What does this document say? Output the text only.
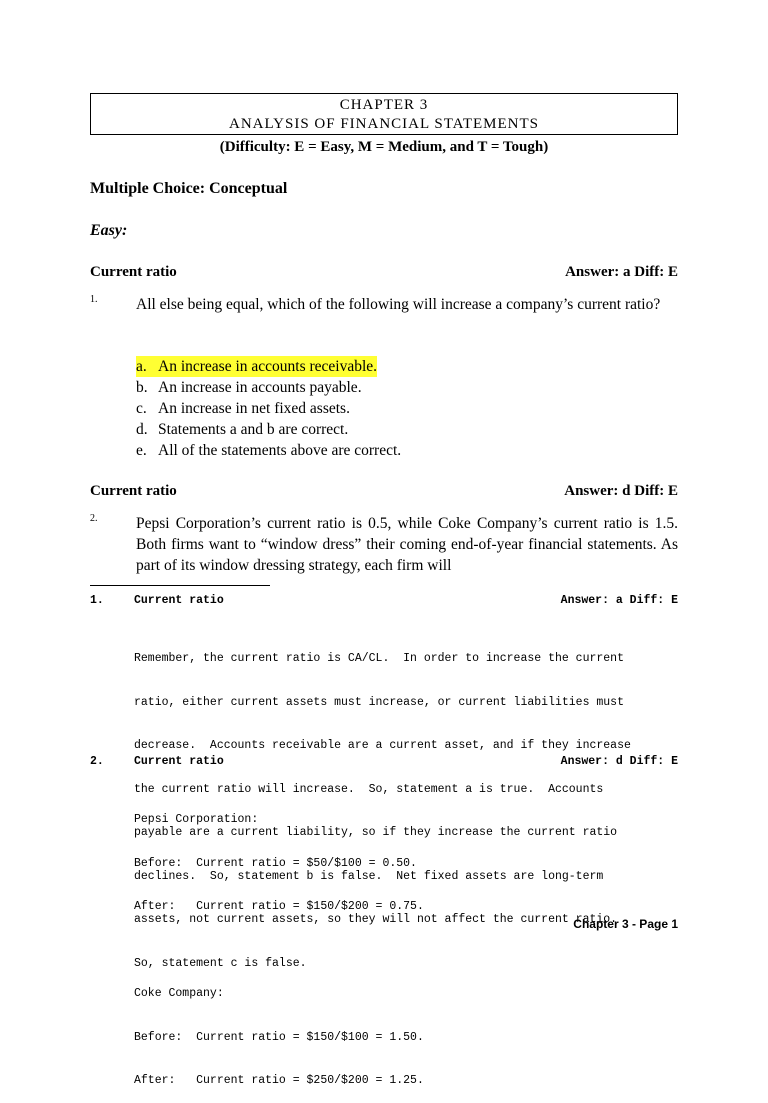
CHAPTER 3
ANALYSIS OF FINANCIAL STATEMENTS
(Difficulty: E = Easy, M = Medium, and T = Tough)
Multiple Choice: Conceptual
Easy:
Current ratio	Answer: a Diff: E
1. All else being equal, which of the following will increase a company’s current ratio?
a. An increase in accounts receivable.
b. An increase in accounts payable.
c. An increase in net fixed assets.
d. Statements a and b are correct.
e. All of the statements above are correct.
Current ratio	Answer: d Diff: E
2. Pepsi Corporation’s current ratio is 0.5, while Coke Company’s current ratio is 1.5. Both firms want to “window dress” their coming end-of-year financial statements. As part of its window dressing strategy, each firm will
1.	Current ratio	Answer: a Diff: E

Remember, the current ratio is CA/CL.  In order to increase the current

ratio, either current assets must increase, or current liabilities must

decrease.  Accounts receivable are a current asset, and if they increase

the current ratio will increase.  So, statement a is true.  Accounts

payable are a current liability, so if they increase the current ratio

declines.  So, statement b is false.  Net fixed assets are long-term

assets, not current assets, so they will not affect the current ratio.

So, statement c is false.

2.	Current ratio	Answer: d Diff: E

Pepsi Corporation:

Before:  Current ratio = $50/$100 = 0.50.

After:   Current ratio = $150/$200 = 0.75.

Coke Company:

Before:  Current ratio = $150/$100 = 1.50.

After:   Current ratio = $250/$200 = 1.25.

Chapter 3 - Page 1
